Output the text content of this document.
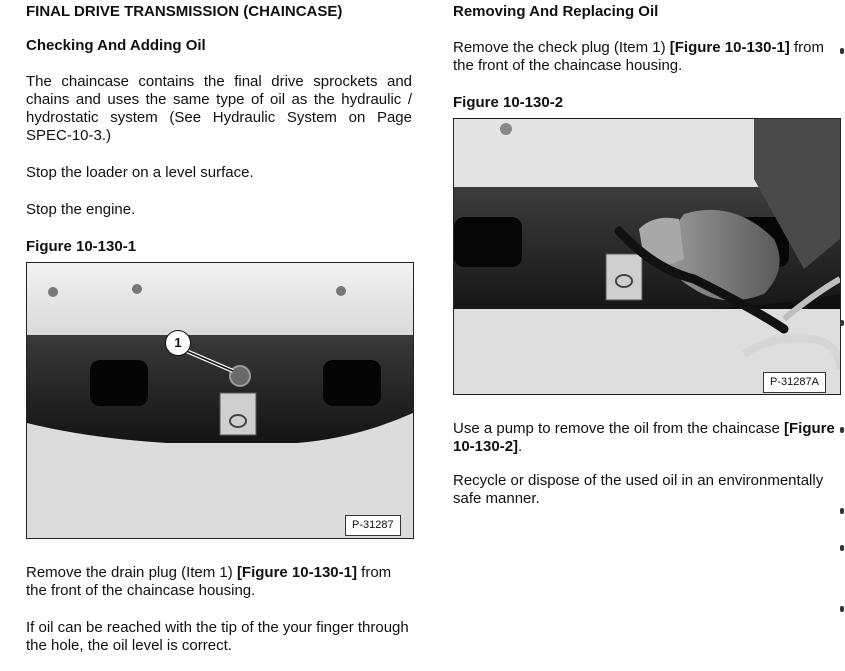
FINAL DRIVE TRANSMISSION (CHAINCASE)
Checking And Adding Oil
The chaincase contains the final drive sprockets and chains and uses the same type of oil as the hydraulic / hydrostatic system (See Hydraulic System on Page SPEC-10-3.)
Stop the loader on a level surface.
Stop the engine.
Figure 10-130-1
1
P-31287
Remove the drain plug (Item 1) [Figure 10-130-1] from the front of the chaincase housing.
If oil can be reached with the tip of the your finger through the hole, the oil level is correct.
Removing And Replacing Oil
Remove the check plug (Item 1) [Figure 10-130-1] from the front of the chaincase housing.
Figure 10-130-2
P-31287A
Use a pump to remove the oil from the chaincase [Figure 10-130-2].
Recycle or dispose of the used oil in an environmentally safe manner.
